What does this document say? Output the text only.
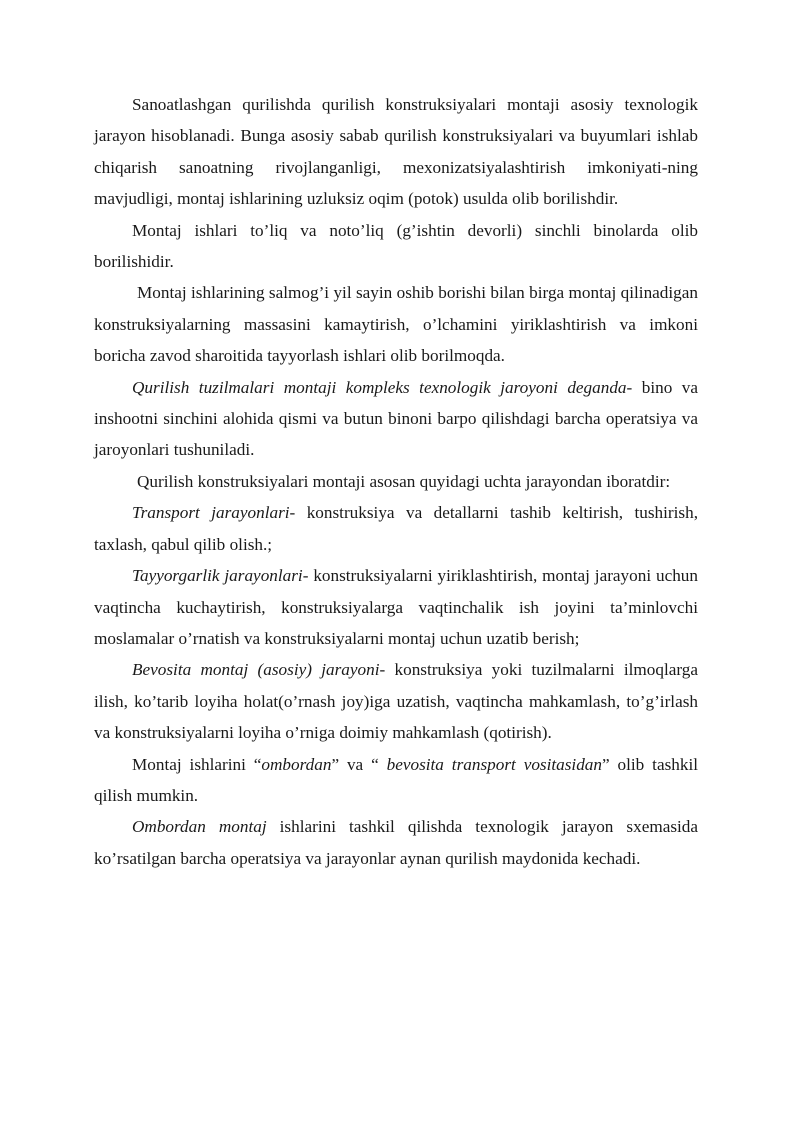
Sanoatlashgan qurilishda qurilish konstruksiyalari montaji asosiy texnologik jarayon hisoblanadi. Bunga asosiy sabab qurilish konstruksiyalari va buyumlari ishlab chiqarish sanoatning rivojlanganligi, mexonizatsiyalashtirish imkoniyati-ning mavjudligi, montaj ishlarining uzluksiz oqim (potok) usulda olib borilishdir.

Montaj ishlari to’liq va noto’liq (g’ishtin devorli) sinchli binolarda olib borilishidir.

Montaj ishlarining salmog’i yil sayin oshib borishi bilan birga montaj qilinadigan konstruksiyalarning massasini kamaytirish, o’lchamini yiriklashtirish va imkoni boricha zavod sharoitida tayyorlash ishlari olib borilmoqda.

Qurilish tuzilmalari montaji kompleks texnologik jaroyoni deganda- bino va inshootni sinchini alohida qismi va butun binoni barpo qilishdagi barcha operatsiya va jaroyonlari tushuniladi.

Qurilish konstruksiyalari montaji asosan quyidagi uchta jarayondan iboratdir:

Transport jarayonlari- konstruksiya va detallarni tashib keltirish, tushirish, taxlash, qabul qilib olish.;

Tayyorgarlik jarayonlari- konstruksiyalarni yiriklashtirish, montaj jarayoni uchun vaqtincha kuchaytirish, konstruksiyalarga vaqtinchalik ish joyini ta’minlovchi moslamalar o’rnatish va konstruksiyalarni montaj uchun uzatib berish;

Bevosita montaj (asosiy) jarayoni- konstruksiya yoki tuzilmalarni ilmoqlarga ilish, ko’tarib loyiha holat(o’rnash joy)iga uzatish, vaqtincha mahkamlash, to’g’irlash va konstruksiyalarni loyiha o’rniga doimiy mahkamlash (qotirish).

Montaj ishlarini “ombordan” va “ bevosita transport vositasidan” olib tashkil qilish mumkin.

Ombordan montaj ishlarini tashkil qilishda texnologik jarayon sxemasida ko’rsatilgan barcha operatsiya va jarayonlar aynan qurilish maydonida kechadi.
